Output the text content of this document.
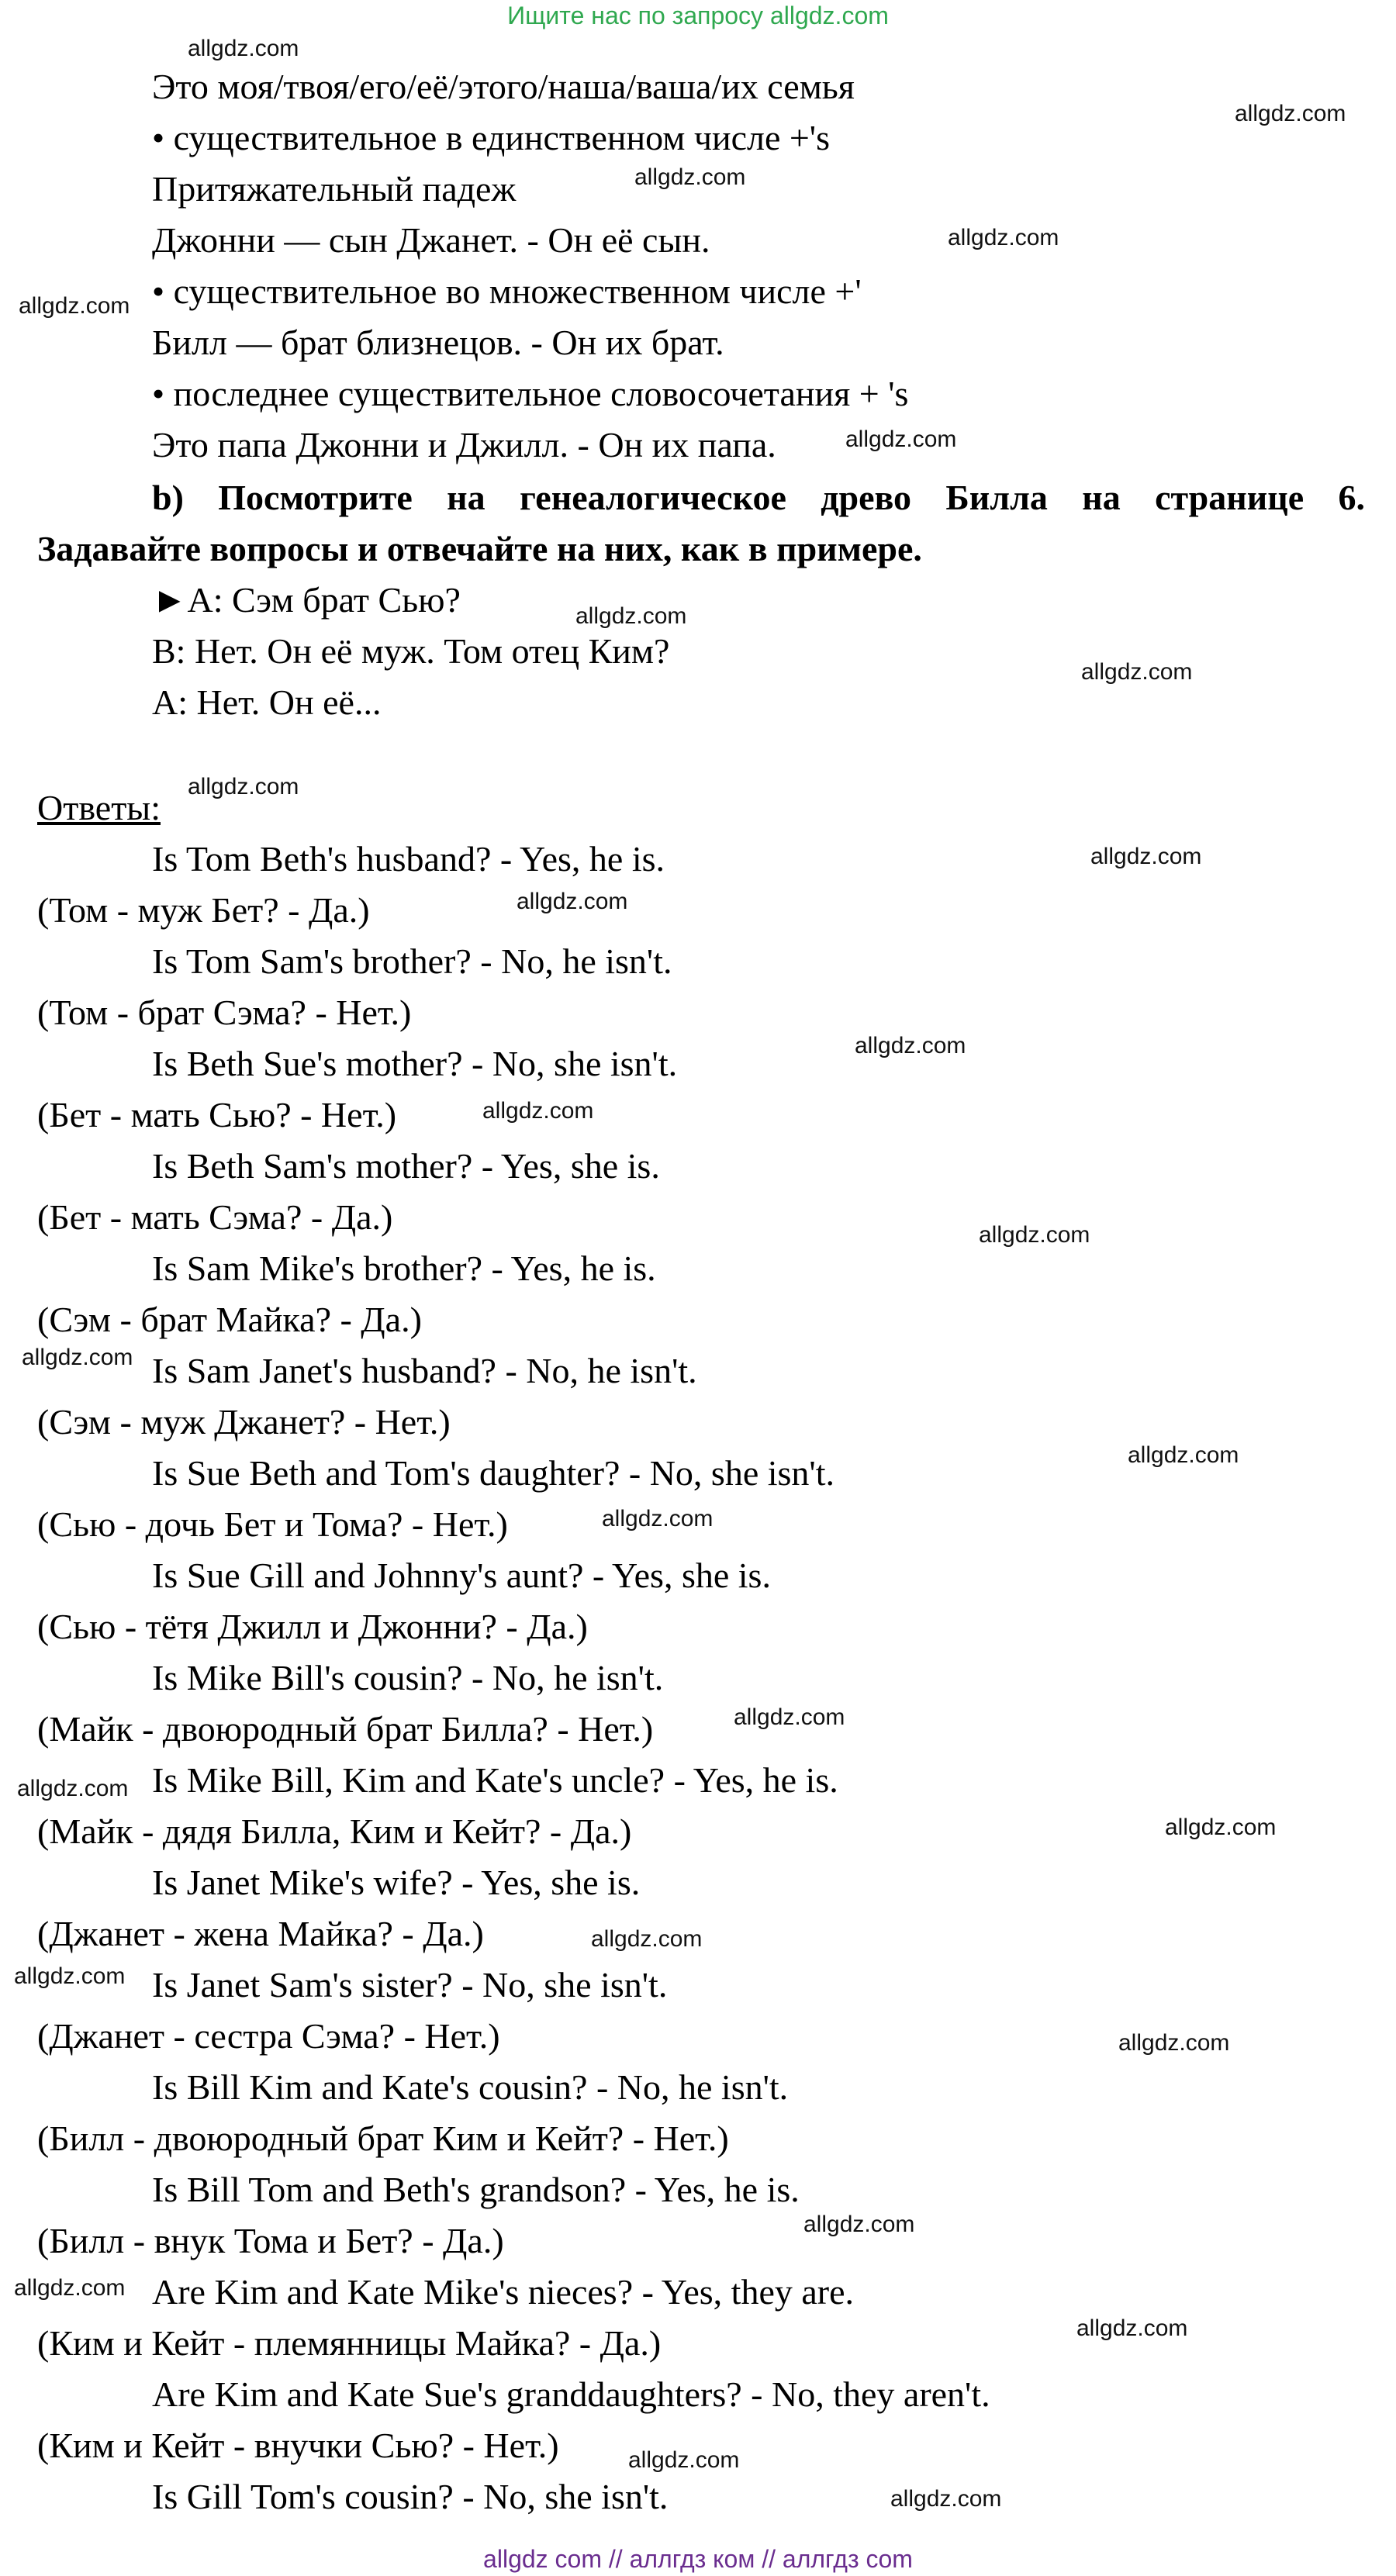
Ищите нас по запросу allgdz.com
Это моя/твоя/его/её/этого/наша/ваша/их семья
• существительное в единственном числе +'s
Притяжательный падеж
Джонни — сын Джанет. - Он её сын.
• существительное во множественном числе +'
Билл — брат близнецов. - Он их брат.
• последнее существительное словосочетания + 's
Это папа Джонни и Джилл. - Он их папа.
b) Посмотрите на генеалогическое древо Билла на странице 6.
Задавайте вопросы и отвечайте на них, как в примере.
►A: Сэм брат Сью?
B: Нет. Он её муж. Том отец Ким?
A: Нет. Он её...
Ответы:
Is Tom Beth's husband? - Yes, he is.
(Том - муж Бет? - Да.)
Is Tom Sam's brother? - No, he isn't.
(Том - брат Сэма? - Нет.)
Is Beth Sue's mother? - No, she isn't.
(Бет - мать Сью? - Нет.)
Is Beth Sam's mother? - Yes, she is.
(Бет - мать Сэма? - Да.)
Is Sam Mike's brother? - Yes, he is.
(Сэм - брат Майка? - Да.)
Is Sam Janet's husband? - No, he isn't.
(Сэм - муж Джанет? - Нет.)
Is Sue Beth and Tom's daughter? - No, she isn't.
(Сью - дочь Бет и Тома? - Нет.)
Is Sue Gill and Johnny's aunt? - Yes, she is.
(Сью - тётя Джилл и Джонни? - Да.)
Is Mike Bill's cousin? - No, he isn't.
(Майк - двоюродный брат Билла? - Нет.)
Is Mike Bill, Kim and Kate's uncle? - Yes, he is.
(Майк - дядя Билла, Ким и Кейт? - Да.)
Is Janet Mike's wife? - Yes, she is.
(Джанет - жена Майка? - Да.)
Is Janet Sam's sister? - No, she isn't.
(Джанет - сестра Сэма? - Нет.)
Is Bill Kim and Kate's cousin? - No, he isn't.
(Билл - двоюродный брат Ким и Кейт? - Нет.)
Is Bill Tom and Beth's grandson? - Yes, he is.
(Билл - внук Тома и Бет? - Да.)
Are Kim and Kate Mike's nieces? - Yes, they are.
(Ким и Кейт - племянницы Майка? - Да.)
Are Kim and Kate Sue's granddaughters? - No, they aren't.
(Ким и Кейт - внучки Сью? - Нет.)
Is Gill Tom's cousin? - No, she isn't.
allgdz.com
allgdz.com
allgdz.com
allgdz.com
allgdz.com
allgdz.com
allgdz.com
allgdz.com
allgdz.com
allgdz.com
allgdz.com
allgdz.com
allgdz.com
allgdz.com
allgdz.com
allgdz.com
allgdz.com
allgdz.com
allgdz.com
allgdz.com
allgdz.com
allgdz.com
allgdz.com
allgdz.com
allgdz.com
allgdz.com
allgdz.com
allgdz.com
allgdz com // аллгдз ком // аллгдз com
